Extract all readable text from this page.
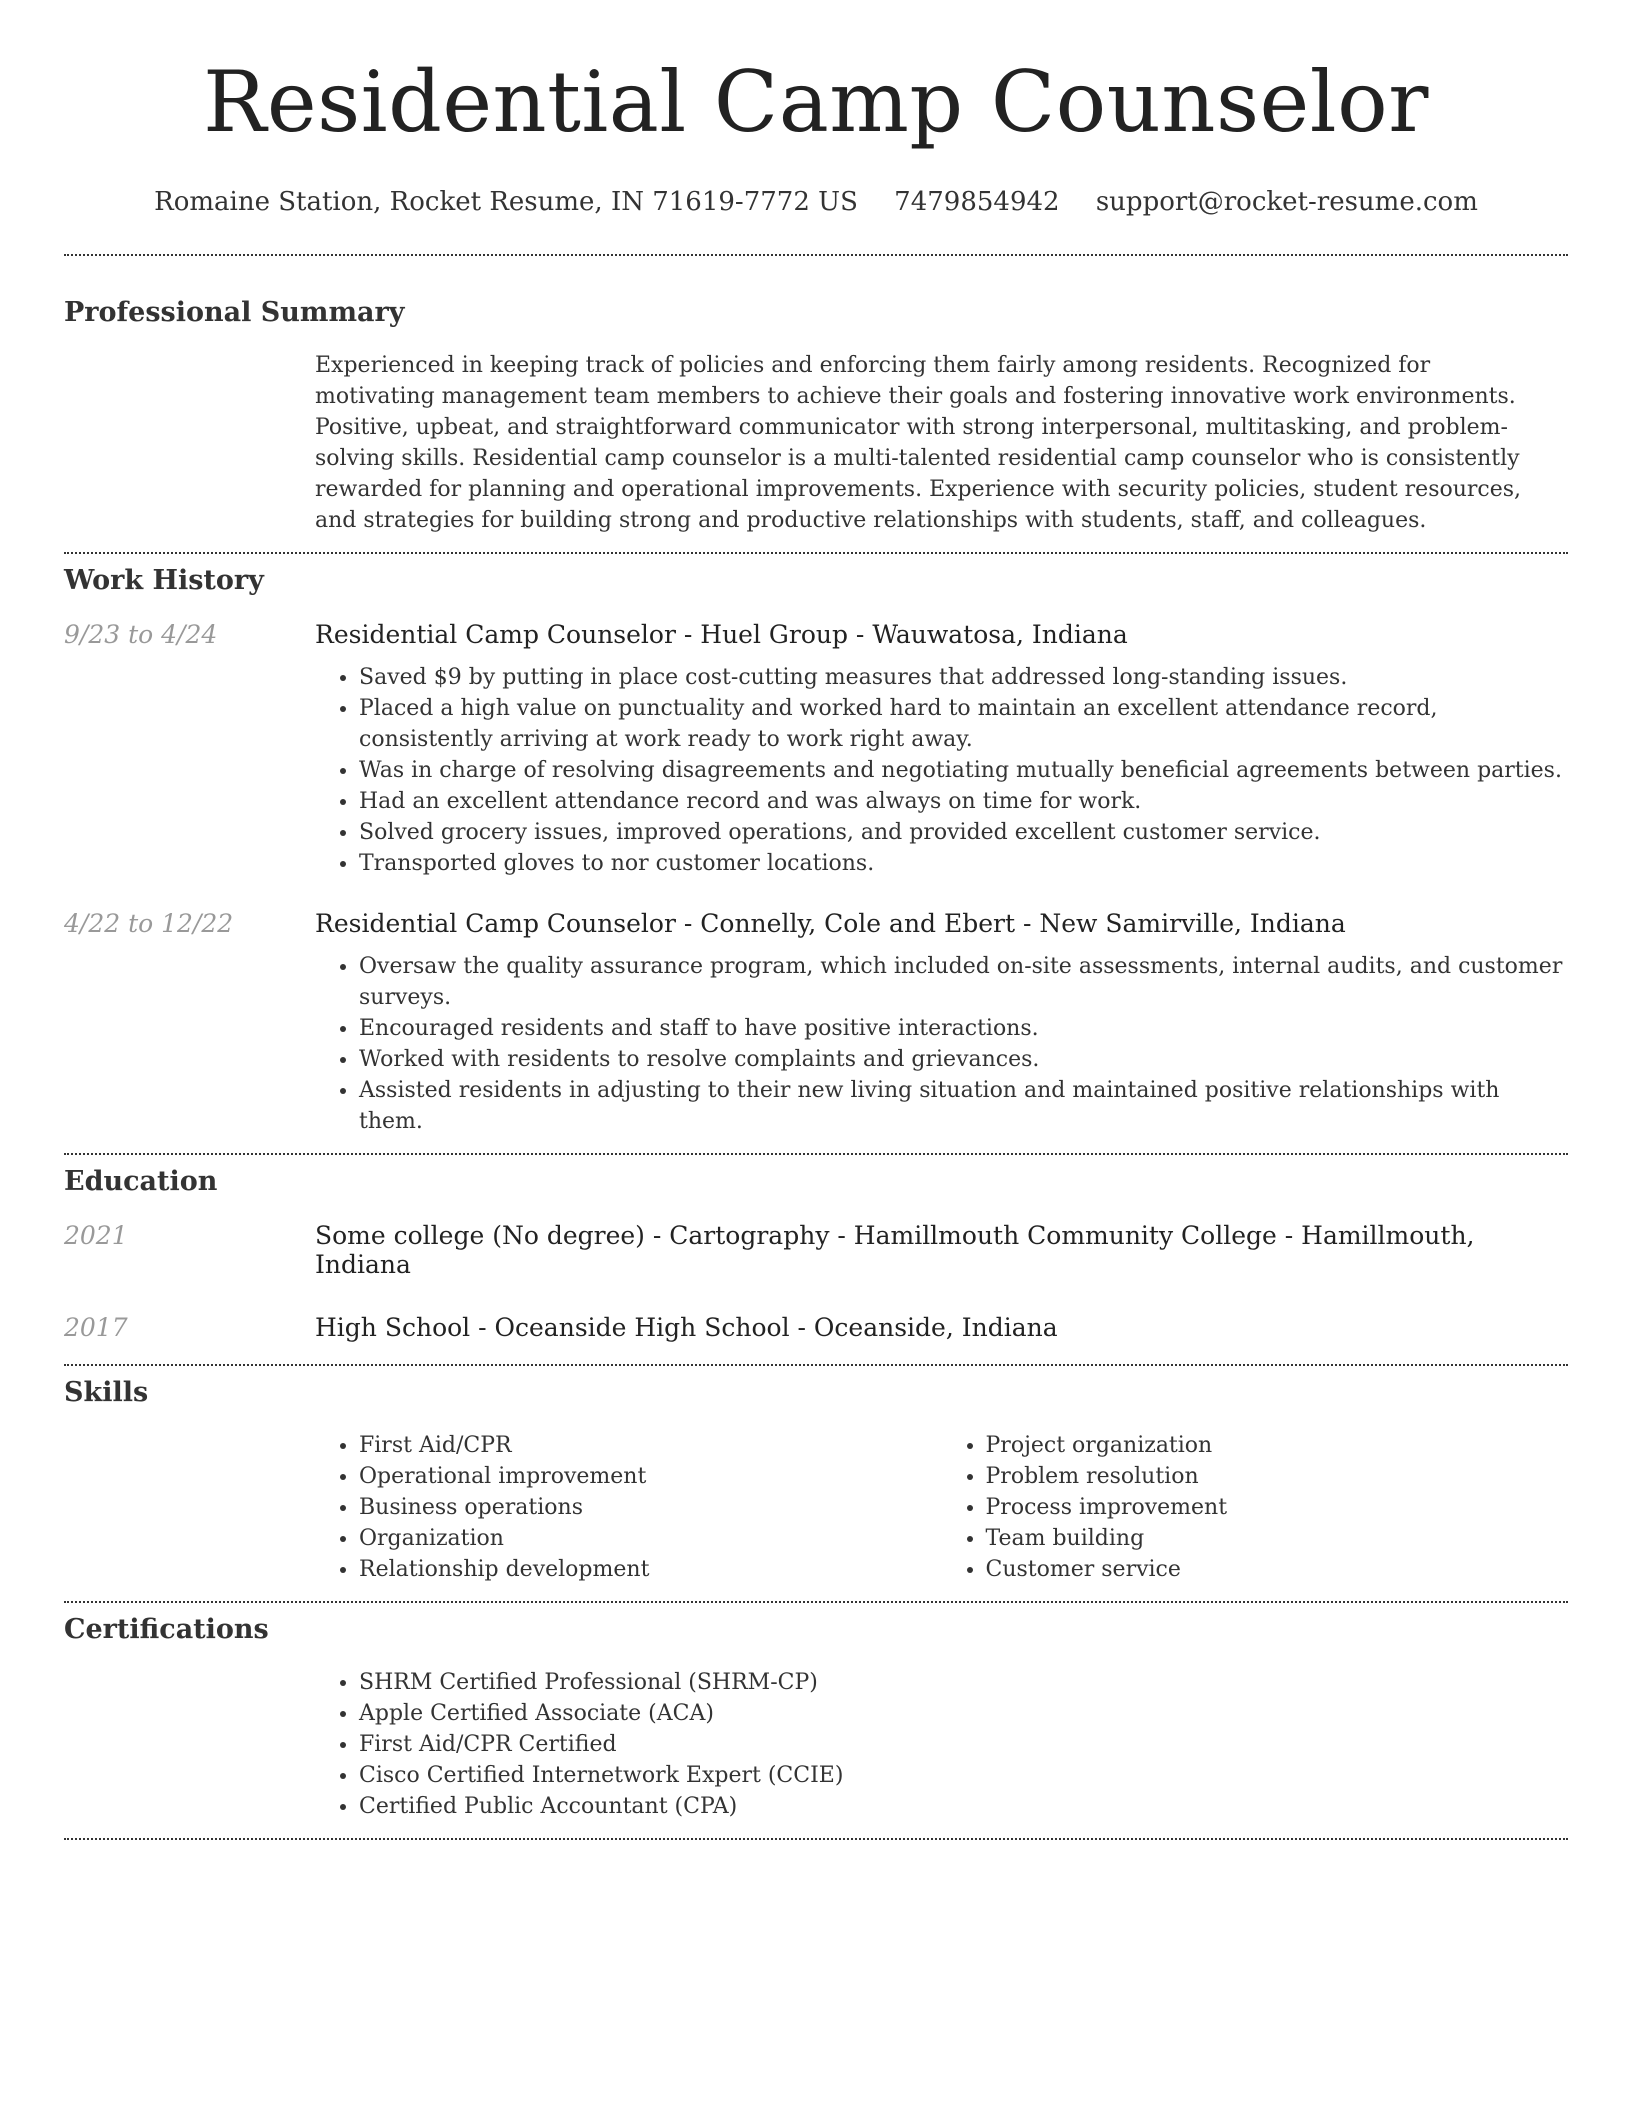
Residential Camp Counselor
Romaine Station, Rocket Resume, IN 71619-7772 US 7479854942 support@rocket-resume.com
Professional Summary

Experienced in keeping track of policies and enforcing them fairly among residents. Recognized for motivating management team members to achieve their goals and fostering innovative work environments. Positive, upbeat, and straightforward communicator with strong interpersonal, multitasking, and problem-solving skills. Residential camp counselor is a multi-talented residential camp counselor who is consistently rewarded for planning and operational improvements. Experience with security policies, student resources, and strategies for building strong and productive relationships with students, staff, and colleagues.

Work History
9/23 to 4/24	Residential Camp Counselor - Huel Group - Wauwatosa, Indiana
• Saved $9 by putting in place cost-cutting measures that addressed long-standing issues.
• Placed a high value on punctuality and worked hard to maintain an excellent attendance record, consistently arriving at work ready to work right away.
• Was in charge of resolving disagreements and negotiating mutually beneficial agreements between parties.
• Had an excellent attendance record and was always on time for work.
• Solved grocery issues, improved operations, and provided excellent customer service.
• Transported gloves to nor customer locations.
4/22 to 12/22	Residential Camp Counselor - Connelly, Cole and Ebert - New Samirville, Indiana
• Oversaw the quality assurance program, which included on-site assessments, internal audits, and customer surveys.
• Encouraged residents and staff to have positive interactions.
• Worked with residents to resolve complaints and grievances.
• Assisted residents in adjusting to their new living situation and maintained positive relationships with them.
Education
2021	Some college (No degree) - Cartography - Hamillmouth Community College - Hamillmouth, Indiana
2017	High School - Oceanside High School - Oceanside, Indiana
Skills
• First Aid/CPR
• Operational improvement
• Business operations
• Organization
• Relationship development
• Project organization
• Problem resolution
• Process improvement
• Team building
• Customer service
Certifications
• SHRM Certified Professional (SHRM-CP)
• Apple Certified Associate (ACA)
• First Aid/CPR Certified
• Cisco Certified Internetwork Expert (CCIE)
• Certified Public Accountant (CPA)
